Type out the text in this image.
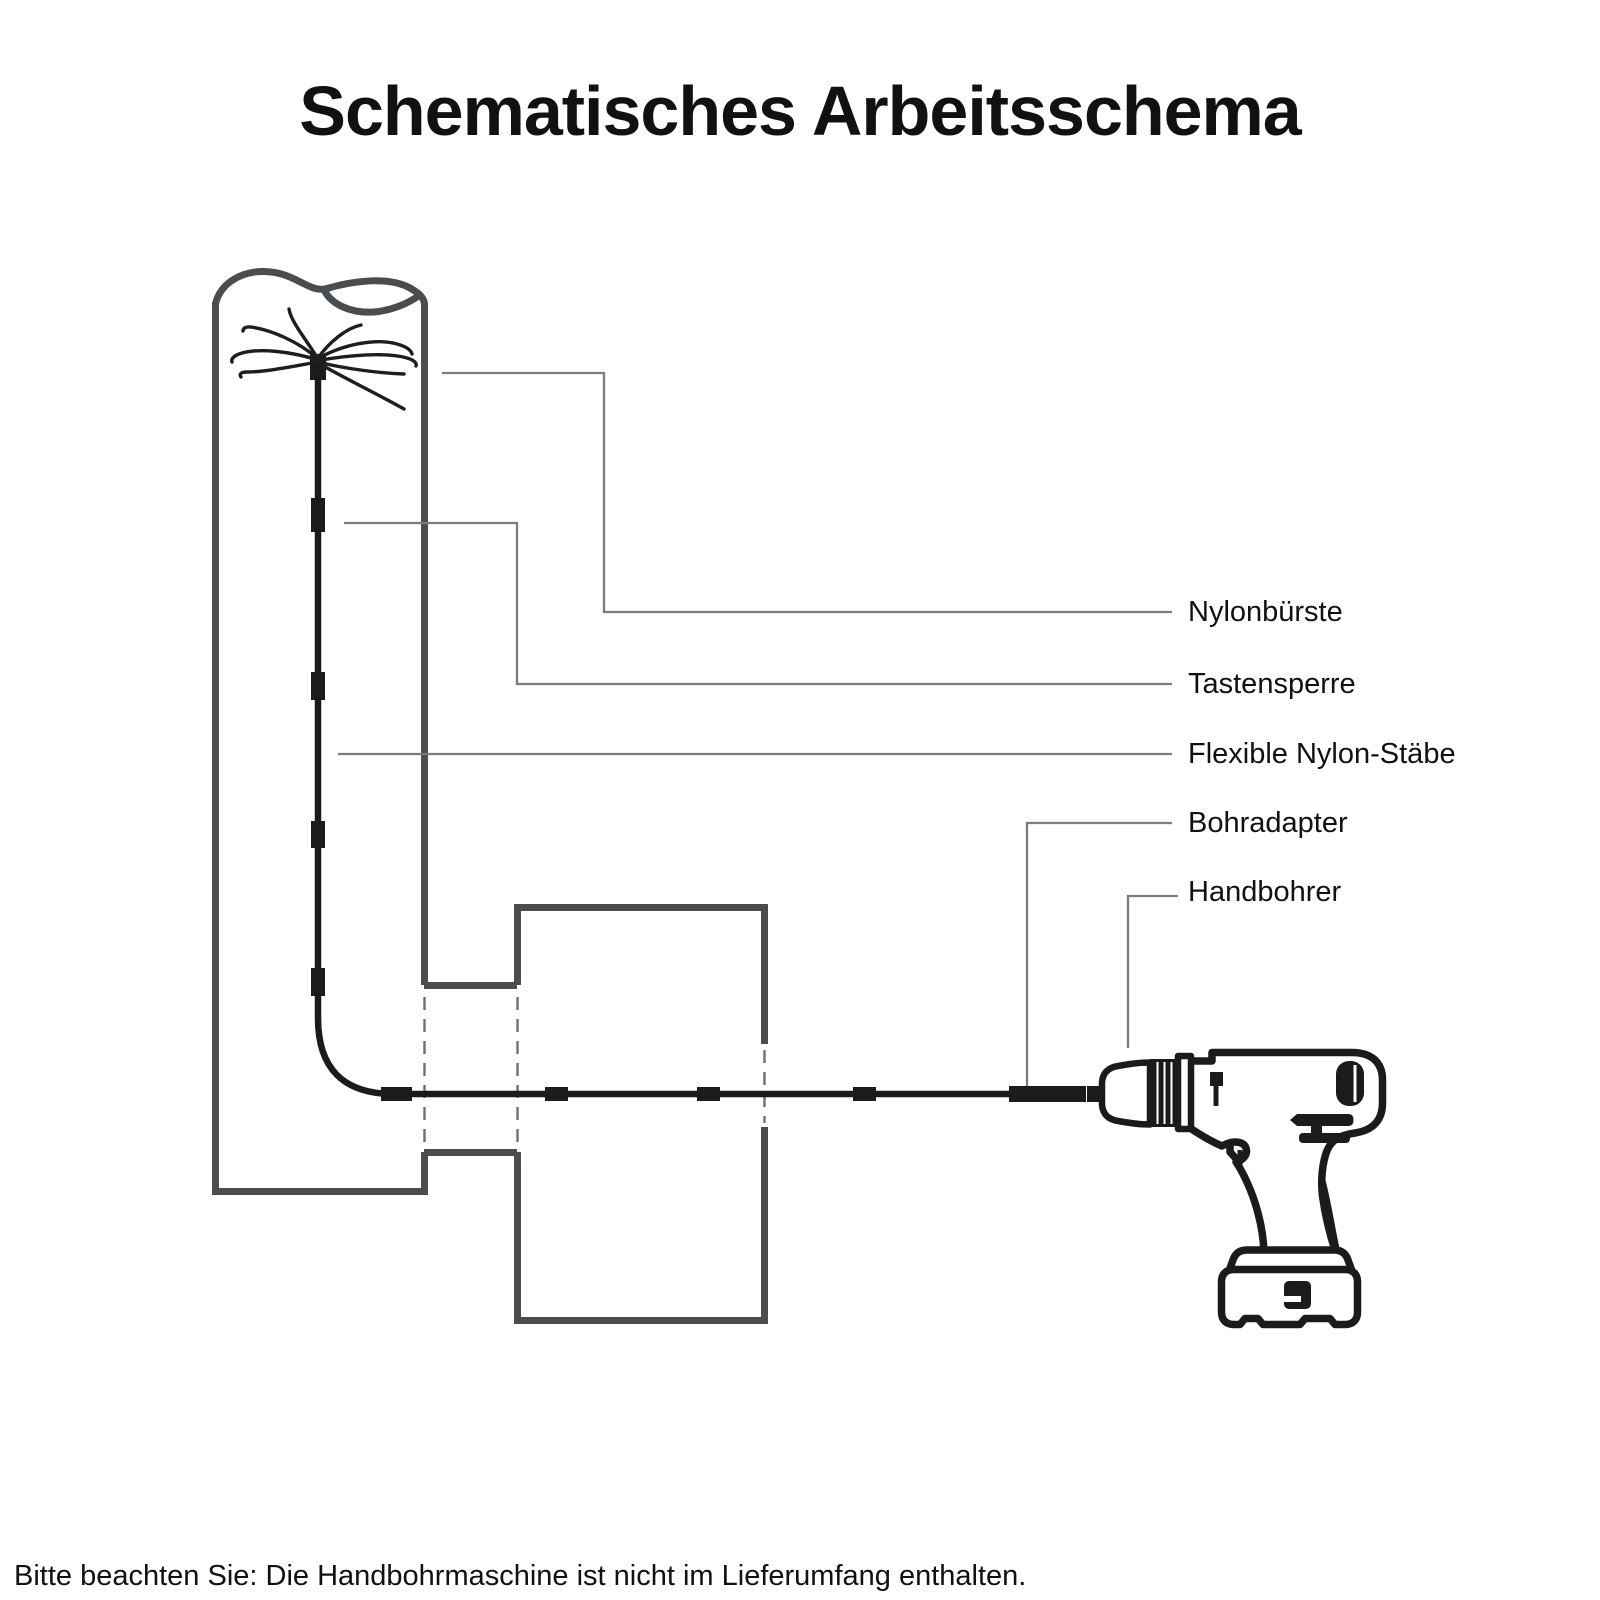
Schematisches Arbeitsschema
Nylonbürste
Tastensperre
Flexible Nylon-Stäbe
Bohradapter
Handbohrer
Bitte beachten Sie: Die Handbohrmaschine ist nicht im Lieferumfang enthalten.
